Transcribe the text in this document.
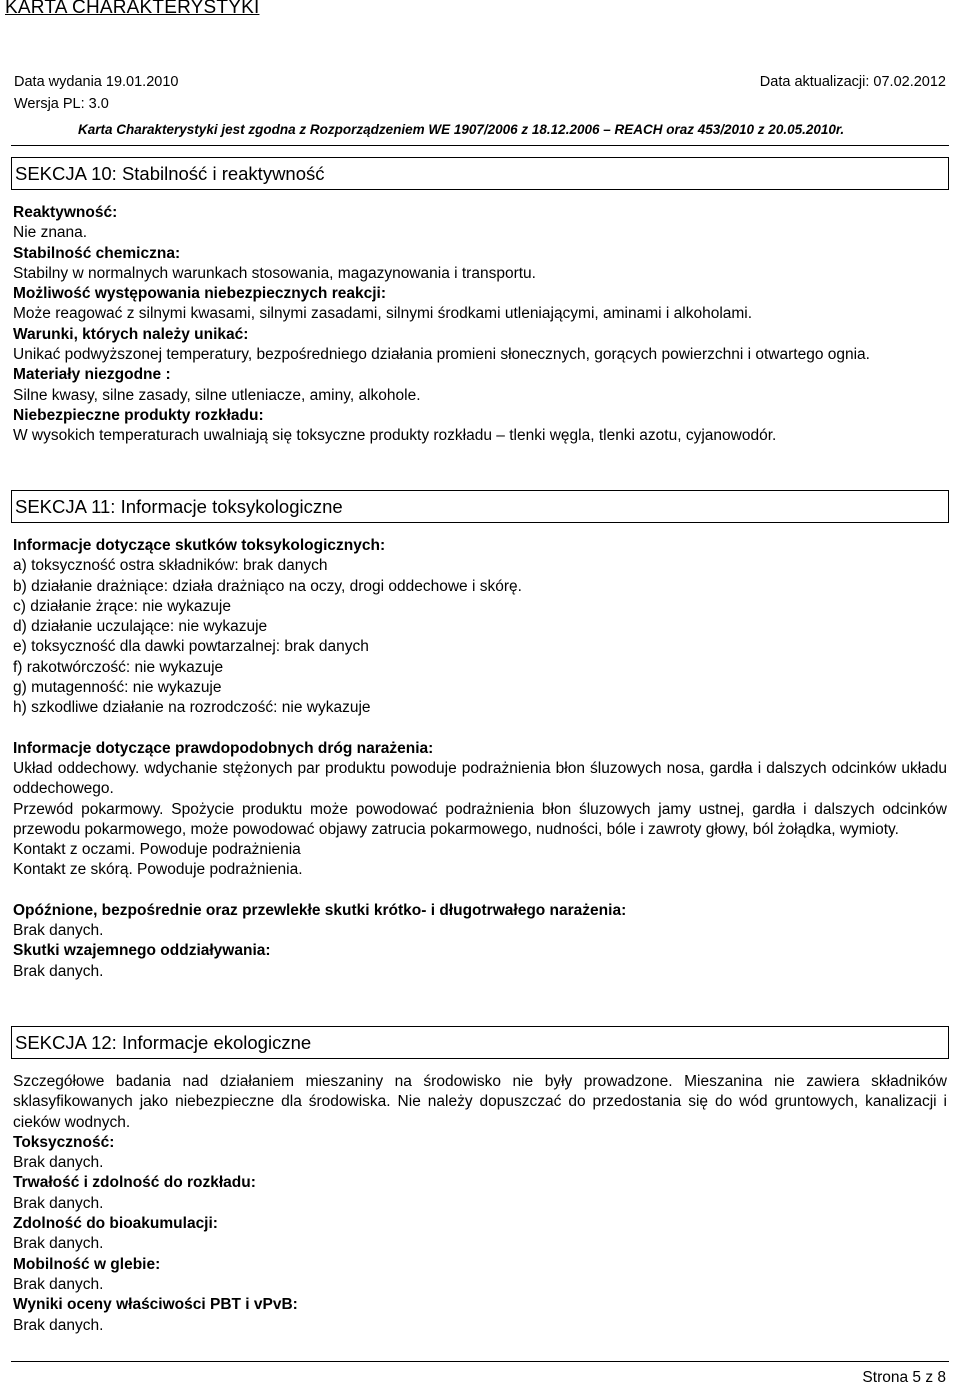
KARTA CHARAKTERYSTYKI
Data wydania 19.01.2010	Data aktualizacji: 07.02.2012
Wersja PL: 3.0
Karta Charakterystyki jest zgodna z Rozporządzeniem WE 1907/2006 z 18.12.2006 – REACH oraz 453/2010 z 20.05.2010r.
SEKCJA 10: Stabilność i reaktywność
Reaktywność:
Nie znana.
Stabilność chemiczna:
Stabilny w normalnych warunkach stosowania, magazynowania i transportu.
Możliwość występowania niebezpiecznych reakcji:
Może reagować z silnymi kwasami, silnymi zasadami, silnymi środkami utleniającymi, aminami i alkoholami.
Warunki, których należy unikać:
Unikać podwyższonej temperatury, bezpośredniego działania promieni słonecznych, gorących powierzchni i otwartego ognia.
Materiały niezgodne :
Silne kwasy, silne zasady, silne utleniacze, aminy, alkohole.
Niebezpieczne produkty rozkładu:
W wysokich temperaturach uwalniają się toksyczne produkty rozkładu – tlenki węgla, tlenki azotu, cyjanowodór.
SEKCJA 11: Informacje toksykologiczne
Informacje dotyczące skutków toksykologicznych:
a) toksyczność ostra składników: brak danych
b) działanie drażniące: działa drażniąco na oczy, drogi oddechowe i skórę.
c) działanie żrące: nie wykazuje
d) działanie uczulające: nie wykazuje
e) toksyczność dla dawki powtarzalnej: brak danych
f) rakotwórczość: nie wykazuje
g) mutagenność: nie wykazuje
h) szkodliwe działanie na rozrodczość: nie wykazuje
Informacje dotyczące prawdopodobnych dróg narażenia:
Układ oddechowy. wdychanie stężonych par produktu powoduje podrażnienia błon śluzowych nosa, gardła i dalszych odcinków układu oddechowego.
Przewód pokarmowy. Spożycie produktu może powodować podrażnienia błon śluzowych jamy ustnej, gardła i dalszych odcinków przewodu pokarmowego, może powodować objawy zatrucia pokarmowego, nudności, bóle i zawroty głowy, ból żołądka, wymioty.
Kontakt z oczami. Powoduje podrażnienia
Kontakt ze skórą. Powoduje podrażnienia.
Opóźnione, bezpośrednie oraz przewlekłe skutki krótko- i długotrwałego narażenia:
Brak danych.
Skutki wzajemnego oddziaływania:
Brak danych.
SEKCJA 12: Informacje ekologiczne
Szczegółowe badania nad działaniem mieszaniny na środowisko nie były prowadzone. Mieszanina nie zawiera składników sklasyfikowanych jako niebezpieczne dla środowiska. Nie należy dopuszczać do przedostania się do wód gruntowych, kanalizacji i cieków wodnych.
Toksyczność:
Brak danych.
Trwałość i zdolność do rozkładu:
Brak danych.
Zdolność do bioakumulacji:
Brak danych.
Mobilność w glebie:
Brak danych.
Wyniki oceny właściwości PBT i vPvB:
Brak danych.
Strona 5 z 8
